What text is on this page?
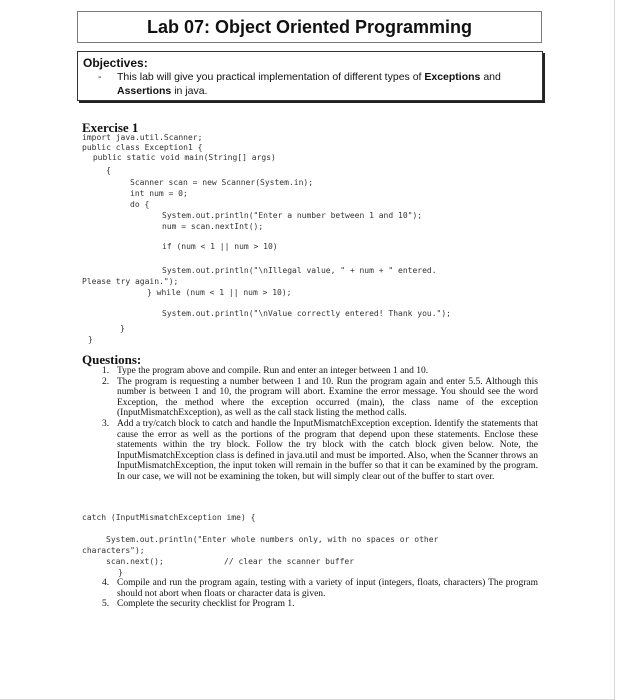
Lab 07: Object Oriented Programming
Objectives:
- This lab will give you practical implementation of different types of Exceptions and Assertions in java.
Exercise 1
import java.util.Scanner;
public class Exception1 {
public static void main(String[] args)
{
Scanner scan = new Scanner(System.in);
int num = 0;
do {
System.out.println("Enter a number between 1 and 10");
num = scan.nextInt();
if (num < 1 || num > 10)
System.out.println("\nIllegal value, " + num + " entered.
Please try again.");
} while (num < 1 || num > 10);
System.out.println("\nValue correctly entered! Thank you.");
}
}
Questions:
1. Type the program above and compile. Run and enter an integer between 1 and 10.
2. The program is requesting a number between 1 and 10. Run the program again and enter 5.5. Although this number is between 1 and 10, the program will abort. Examine the error message. You should see the word Exception, the method where the exception occurred (main), the class name of the exception (InputMismatchException), as well as the call stack listing the method calls.
3. Add a try/catch block to catch and handle the InputMismatchException exception. Identify the statements that cause the error as well as the portions of the program that depend upon these statements. Enclose these statements within the try block. Follow the try block with the catch block given below. Note, the InputMismatchException class is defined in java.util and must be imported. Also, when the Scanner throws an InputMismatchException, the input token will remain in the buffer so that it can be examined by the program. In our case, we will not be examining the token, but will simply clear out of the buffer to start over.
catch (InputMismatchException ime) {
System.out.println("Enter whole numbers only, with no spaces or other
characters");
scan.next();	// clear the scanner buffer
}
4. Compile and run the program again, testing with a variety of input (integers, floats, characters) The program should not abort when floats or character data is given.
5. Complete the security checklist for Program 1.
